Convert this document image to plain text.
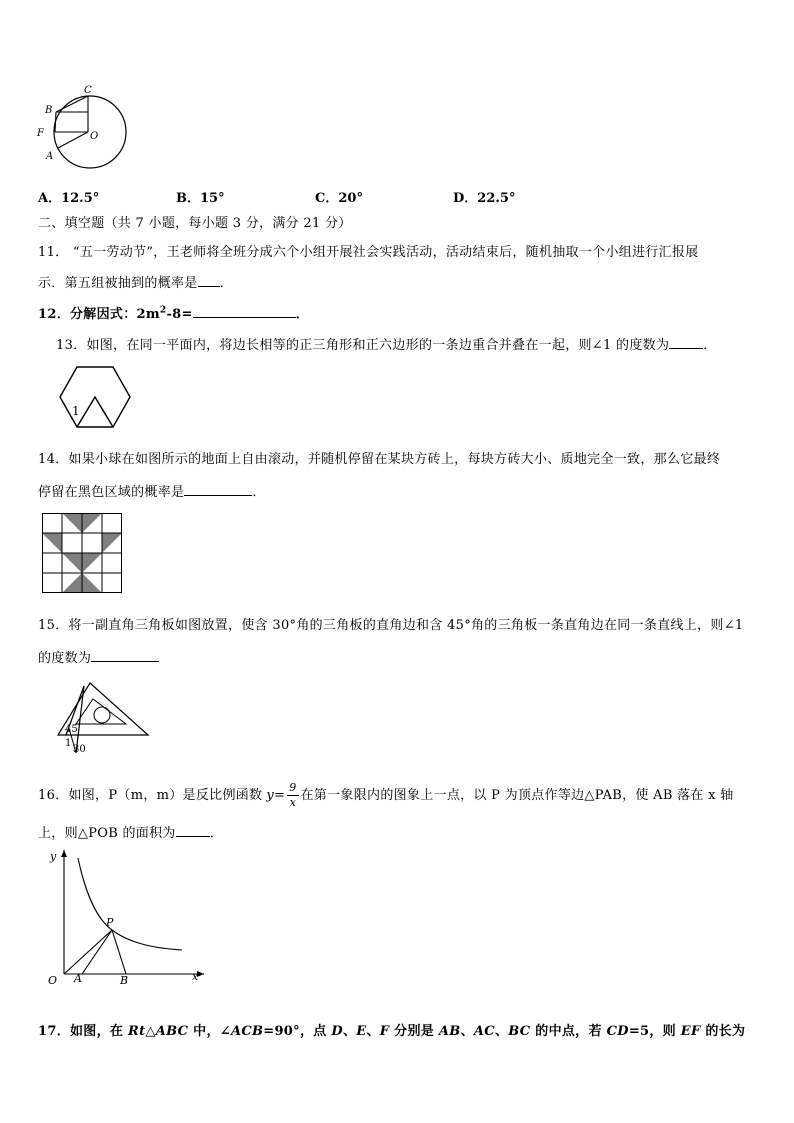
C
B
F	O
A
A．12.5°	B．15°	C．20°	D．22.5°
二、填空题（共 7 小题，每小题 3 分，满分 21 分）
11． “五一劳动节”，王老师将全班分成六个小组开展社会实践活动，活动结束后，随机抽取一个小组进行汇报展
示．第五组被抽到的概率是 ．
12．分解因式：$2m^2-8=$	．
13．如图，在同一平面内，将边长相等的正三角形和正六边形的一条边重合并叠在一起，则∠1 的度数为	．
1
14．如果小球在如图所示的地面上自由滚动，并随机停留在某块方砖上，每块方砖大小、质地完全一致，那么它最终
停留在黑色区域的概率是	．
15．将一副直角三角板如图放置，使含 30°角的三角板的直角边和含 45°角的三角板一条直角边在同一条直线上，则∠1
的度数为
45
1
30
16．如图，P（m，m）是反比例函数 $y= \frac{9}{x}$ 在第一象限内的图象上一点，以 P 为顶点作等边△PAB，使 AB 落在 x 轴
上，则△POB 的面积为	．
y
P
O A	B	x
17．如图，在 Rt△ABC 中，∠ACB=90°，点 D、E、F 分别是 AB、AC、BC 的中点，若 CD=5，则 EF 的长为
